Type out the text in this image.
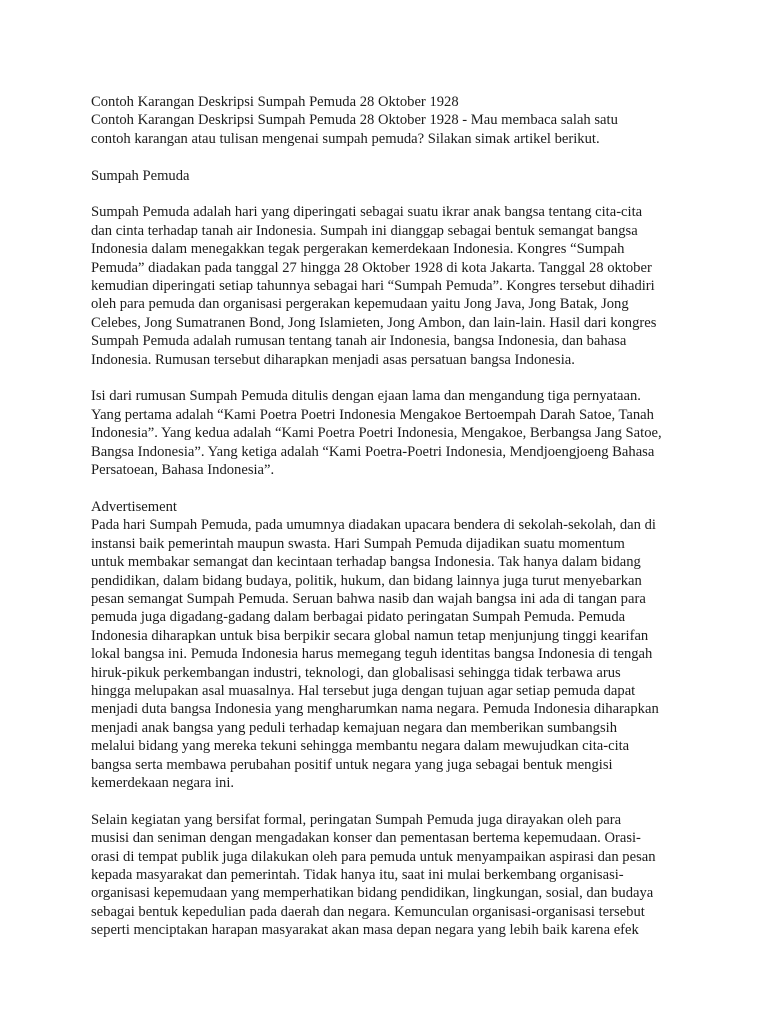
Contoh Karangan Deskripsi Sumpah Pemuda 28 Oktober 1928

Contoh Karangan Deskripsi Sumpah Pemuda 28 Oktober 1928 - Mau membaca salah satu
contoh karangan atau tulisan mengenai sumpah pemuda? Silakan simak artikel berikut.

Sumpah Pemuda

Sumpah Pemuda adalah hari yang diperingati sebagai suatu ikrar anak bangsa tentang cita-cita
dan cinta terhadap tanah air Indonesia. Sumpah ini dianggap sebagai bentuk semangat bangsa
Indonesia dalam menegakkan tegak pergerakan kemerdekaan Indonesia. Kongres “Sumpah
Pemuda” diadakan pada tanggal 27 hingga 28 Oktober 1928 di kota Jakarta. Tanggal 28 oktober
kemudian diperingati setiap tahunnya sebagai hari “Sumpah Pemuda”. Kongres tersebut dihadiri
oleh para pemuda dan organisasi pergerakan kepemudaan yaitu Jong Java, Jong Batak, Jong
Celebes, Jong Sumatranen Bond, Jong Islamieten, Jong Ambon, dan lain-lain. Hasil dari kongres
Sumpah Pemuda adalah rumusan tentang tanah air Indonesia, bangsa Indonesia, dan bahasa
Indonesia. Rumusan tersebut diharapkan menjadi asas persatuan bangsa Indonesia.

Isi dari rumusan Sumpah Pemuda ditulis dengan ejaan lama dan mengandung tiga pernyataan.
Yang pertama adalah “Kami Poetra Poetri Indonesia Mengakoe Bertoempah Darah Satoe, Tanah
Indonesia”. Yang kedua adalah “Kami Poetra Poetri Indonesia, Mengakoe, Berbangsa Jang Satoe,
Bangsa Indonesia”. Yang ketiga adalah “Kami Poetra-Poetri Indonesia, Mendjoengjoeng Bahasa
Persatoean, Bahasa Indonesia”.

Advertisement

Pada hari Sumpah Pemuda, pada umumnya diadakan upacara bendera di sekolah-sekolah, dan di
instansi baik pemerintah maupun swasta. Hari Sumpah Pemuda dijadikan suatu momentum
untuk membakar semangat dan kecintaan terhadap bangsa Indonesia. Tak hanya dalam bidang
pendidikan, dalam bidang budaya, politik, hukum, dan bidang lainnya juga turut menyebarkan
pesan semangat Sumpah Pemuda. Seruan bahwa nasib dan wajah bangsa ini ada di tangan para
pemuda juga digadang-gadang dalam berbagai pidato peringatan Sumpah Pemuda. Pemuda
Indonesia diharapkan untuk bisa berpikir secara global namun tetap menjunjung tinggi kearifan
lokal bangsa ini. Pemuda Indonesia harus memegang teguh identitas bangsa Indonesia di tengah
hiruk-pikuk perkembangan industri, teknologi, dan globalisasi sehingga tidak terbawa arus
hingga melupakan asal muasalnya. Hal tersebut juga dengan tujuan agar setiap pemuda dapat
menjadi duta bangsa Indonesia yang mengharumkan nama negara. Pemuda Indonesia diharapkan
menjadi anak bangsa yang peduli terhadap kemajuan negara dan memberikan sumbangsih
melalui bidang yang mereka tekuni sehingga membantu negara dalam mewujudkan cita-cita
bangsa serta membawa perubahan positif untuk negara yang juga sebagai bentuk mengisi
kemerdekaan negara ini.

Selain kegiatan yang bersifat formal, peringatan Sumpah Pemuda juga dirayakan oleh para
musisi dan seniman dengan mengadakan konser dan pementasan bertema kepemudaan. Orasi-
orasi di tempat publik juga dilakukan oleh para pemuda untuk menyampaikan aspirasi dan pesan
kepada masyarakat dan pemerintah. Tidak hanya itu, saat ini mulai berkembang organisasi-
organisasi kepemudaan yang memperhatikan bidang pendidikan, lingkungan, sosial, dan budaya
sebagai bentuk kepedulian pada daerah dan negara. Kemunculan organisasi-organisasi tersebut
seperti menciptakan harapan masyarakat akan masa depan negara yang lebih baik karena efek
